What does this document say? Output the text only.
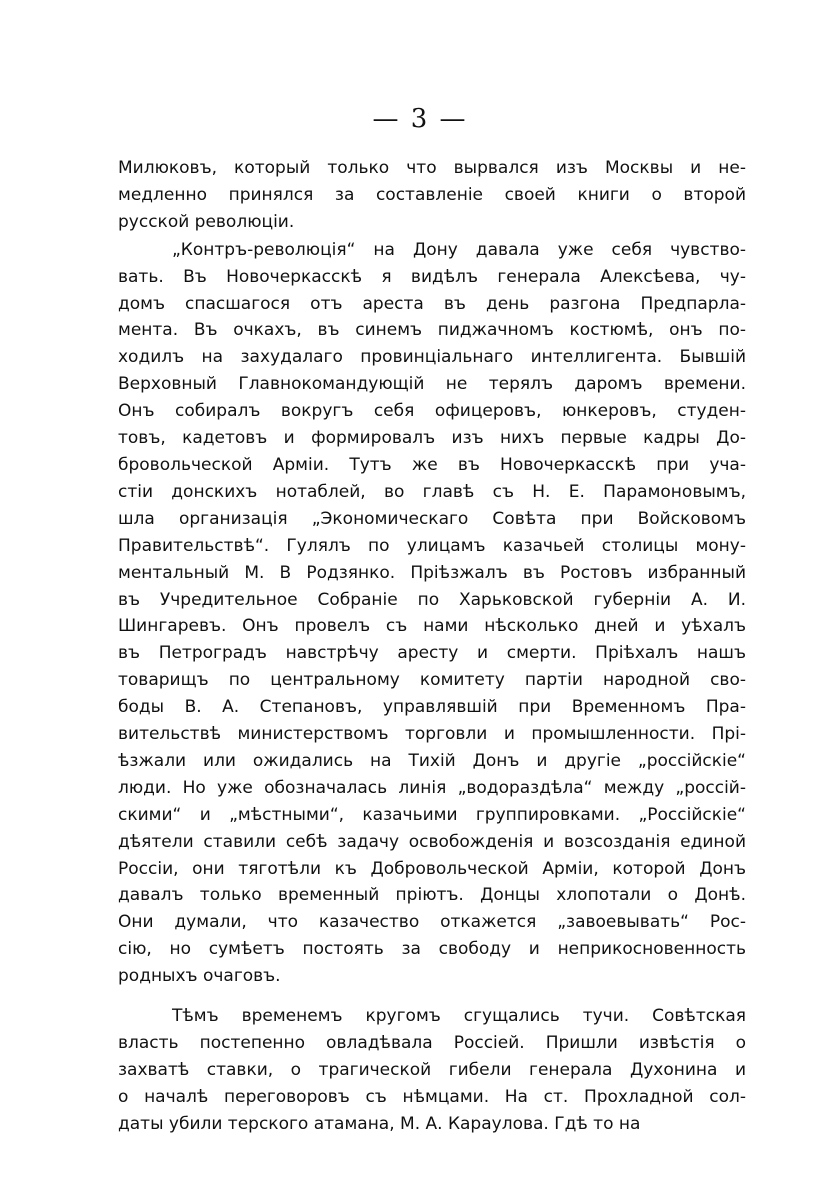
— 3 —
Милюковъ, который только что вырвался изъ Москвы и не-
медленно принялся за составленіе своей книги о второй
русской революціи.
„Контръ-революція“ на Дону давала уже себя чувство-
вать. Въ Новочеркасскѣ я видѣлъ генерала Алексѣева, чу-
домъ спасшагося отъ ареста въ день разгона Предпарла-
мента. Въ очкахъ, въ синемъ пиджачномъ костюмѣ, онъ по-
ходилъ на захудалаго провинціальнаго интеллигента. Бывшій
Верховный Главнокомандующій не терялъ даромъ времени.
Онъ собиралъ вокругъ себя офицеровъ, юнкеровъ, студен-
товъ, кадетовъ и формировалъ изъ нихъ первые кадры До-
бровольческой Арміи. Тутъ же въ Новочеркасскѣ при уча-
стіи донскихъ нотаблей, во главѣ съ Н. Е. Парамоновымъ,
шла организація „Экономическаго Совѣта при Войсковомъ
Правительствѣ“. Гулялъ по улицамъ казачьей столицы мону-
ментальный М. В Родзянко. Пріѣзжалъ въ Ростовъ избранный
въ Учредительное Собраніе по Харьковской губерніи А. И.
Шингаревъ. Онъ провелъ съ нами нѣсколько дней и уѣхалъ
въ Петроградъ навстрѣчу аресту и смерти. Пріѣхалъ нашъ
товарищъ по центральному комитету партіи народной сво-
боды В. А. Степановъ, управлявшій при Временномъ Пра-
вительствѣ министерствомъ торговли и промышленности. Прі-
ѣзжали или ожидались на Тихій Донъ и другіе „россійскіе“
люди. Но уже обозначалась линія „водораздѣла“ между „россій-
скими“ и „мѣстными“, казачьими группировками. „Россійскіе“
дѣятели ставили себѣ задачу освобожденія и возсозданія единой
Россіи, они тяготѣли къ Добровольческой Арміи, которой Донъ
давалъ только временный пріютъ. Донцы хлопотали о Донѣ.
Они думали, что казачество откажется „завоевывать“ Рос-
сію, но сумѣетъ постоять за свободу и неприкосновенность
родныхъ очаговъ.
Тѣмъ временемъ кругомъ сгущались тучи. Совѣтская
власть постепенно овладѣвала Россіей. Пришли извѣстія о
захватѣ ставки, о трагической гибели генерала Духонина и
о началѣ переговоровъ съ нѣмцами. На ст. Прохладной сол-
даты убили терского атамана, М. А. Караулова. Гдѣ то на
